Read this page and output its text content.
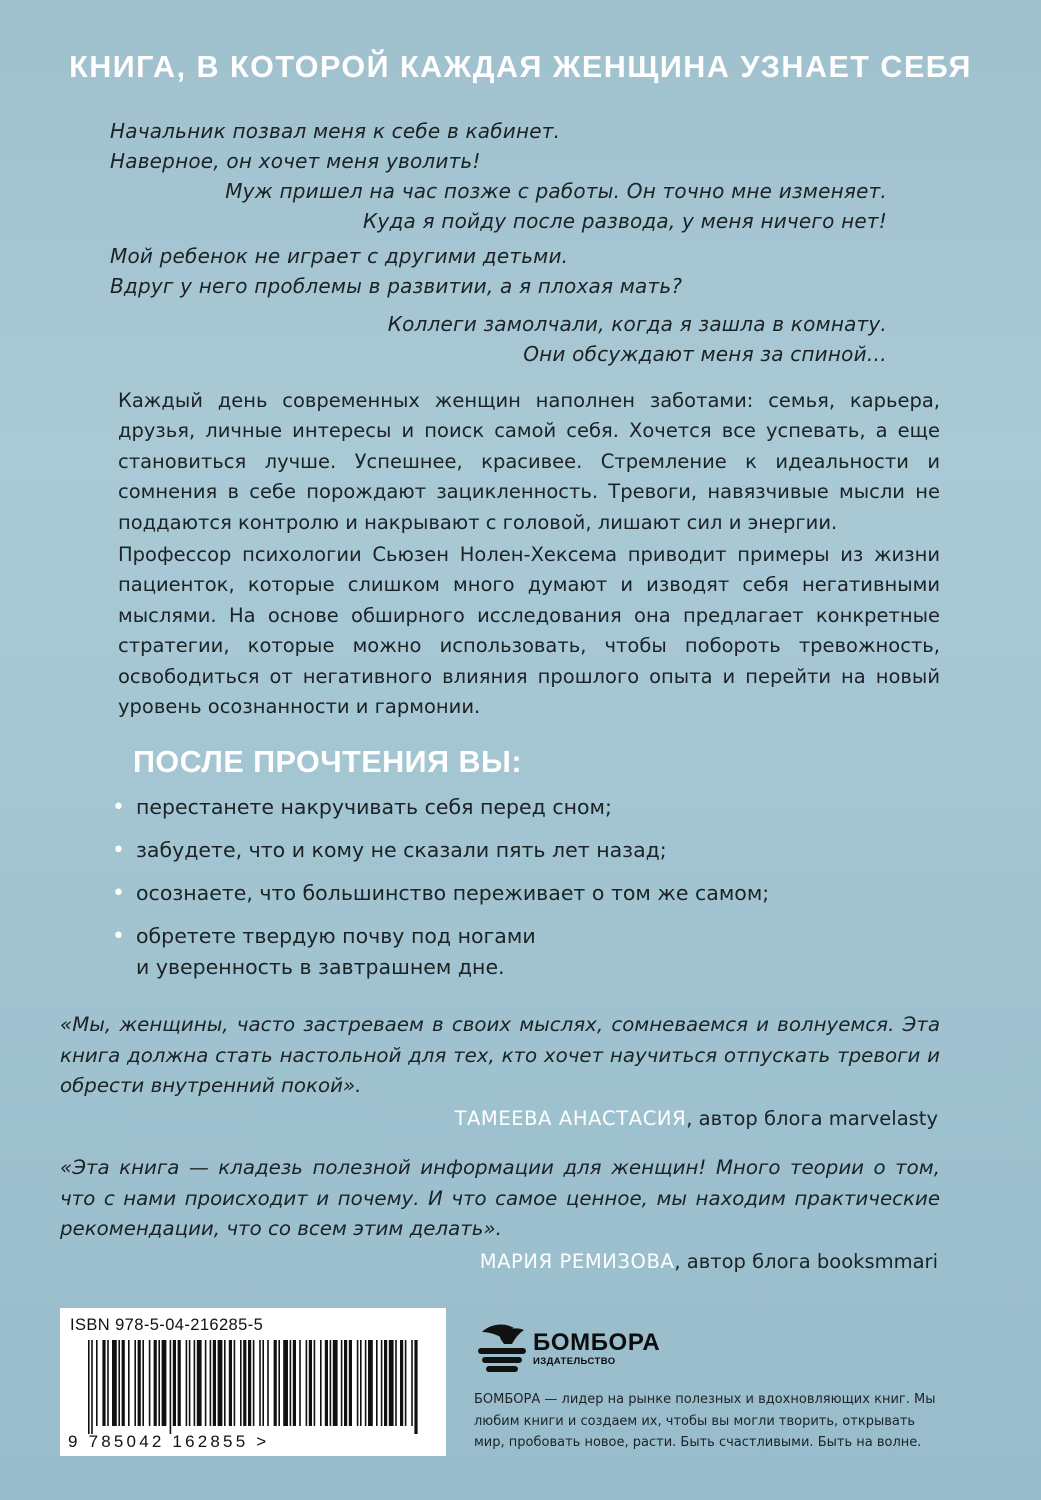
КНИГА, В КОТОРОЙ КАЖДАЯ ЖЕНЩИНА УЗНАЕТ СЕБЯ
Начальник позвал меня к себе в кабинет.
Наверное, он хочет меня уволить!
Муж пришел на час позже с работы. Он точно мне изменяет.
Куда я пойду после развода, у меня ничего нет!
Мой ребенок не играет с другими детьми.
Вдруг у него проблемы в развитии, а я плохая мать?
Коллеги замолчали, когда я зашла в комнату.
Они обсуждают меня за спиной…

Каждый день современных женщин наполнен заботами: семья, карьера, друзья, личные интересы и поиск самой себя. Хочется все успевать, а еще становиться лучше. Успешнее, красивее. Стремление к идеальности и сомнения в себе порождают зацикленность. Тревоги, навязчивые мысли не поддаются контролю и накрывают с головой, лишают сил и энергии.

Профессор психологии Сьюзен Нолен-Хексема приводит примеры из жизни пациенток, которые слишком много думают и изводят себя негативными мыслями. На основе обширного исследования она предлагает конкретные стратегии, которые можно использовать, чтобы побороть тревожность, освободиться от негативного влияния прошлого опыта и перейти на новый уровень осознанности и гармонии.

ПОСЛЕ ПРОЧТЕНИЯ ВЫ:
• перестанете накручивать себя перед сном;
• забудете, что и кому не сказали пять лет назад;
• осознаете, что большинство переживает о том же самом;
• обретете твердую почву под ногами
и уверенность в завтрашнем дне.

«Мы, женщины, часто застреваем в своих мыслях, сомневаемся и волнуемся. Эта книга должна стать настольной для тех, кто хочет научиться отпускать тревоги и обрести внутренний покой».

ТАМЕЕВА АНАСТАСИЯ, автор блога marvelasty

«Эта книга — кладезь полезной информации для женщин! Много теории о том, что с нами происходит и почему. И что самое ценное, мы находим практические рекомендации, что со всем этим делать».

МАРИЯ РЕМИЗОВА, автор блога booksmmari
ISBN 978-5-04-216285-5
9 785042 162855 >
БОМБОРА
ИЗДАТЕЛЬСТВО

БОМБОРА — лидер на рынке полезных и вдохновляющих книг. Мы любим книги и создаем их, чтобы вы могли творить, открывать мир, пробовать новое, расти. Быть счастливыми. Быть на волне.
